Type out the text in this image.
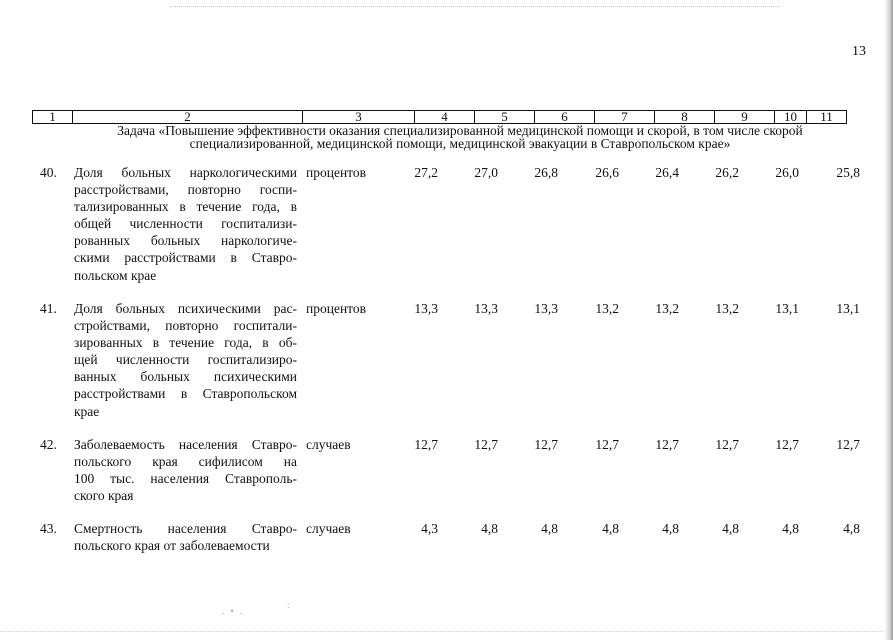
13
1	2	3	4	5	6	7	8	9	10	11
Задача «Повышение эффективности оказания специализированной медицинской помощи и скорой, в том числе скорой
специализированной, медицинской помощи, медицинской эвакуации в Ставропольском крае»
40. Доля больных наркологическими
расстройствами, повторно госпи-
тализированных в течение года, в
общей численности госпитализи-
рованных больных наркологиче-
скими расстройствами в Ставро-
польском крае
процентов	27,2	27,0	26,8	26,6	26,4	26,2	26,0	25,8
41. Доля больных психическими рас-
стройствами, повторно госпитали-
зированных в течение года, в об-
щей численности госпитализиро-
ванных больных психическими
расстройствами в Ставропольском
крае
процентов	13,3	13,3	13,3	13,2	13,2	13,2	13,1	13,1
42. Заболеваемость населения Ставро-
польского края сифилисом на
100 тыс. населения Ставрополь-
ского края
случаев	12,7	12,7	12,7	12,7	12,7	12,7	12,7	12,7
43. Смертность населения Ставро-
польского края от заболеваемости
случаев	4,3	4,8	4,8	4,8	4,8	4,8	4,8	4,8
. • .
:
